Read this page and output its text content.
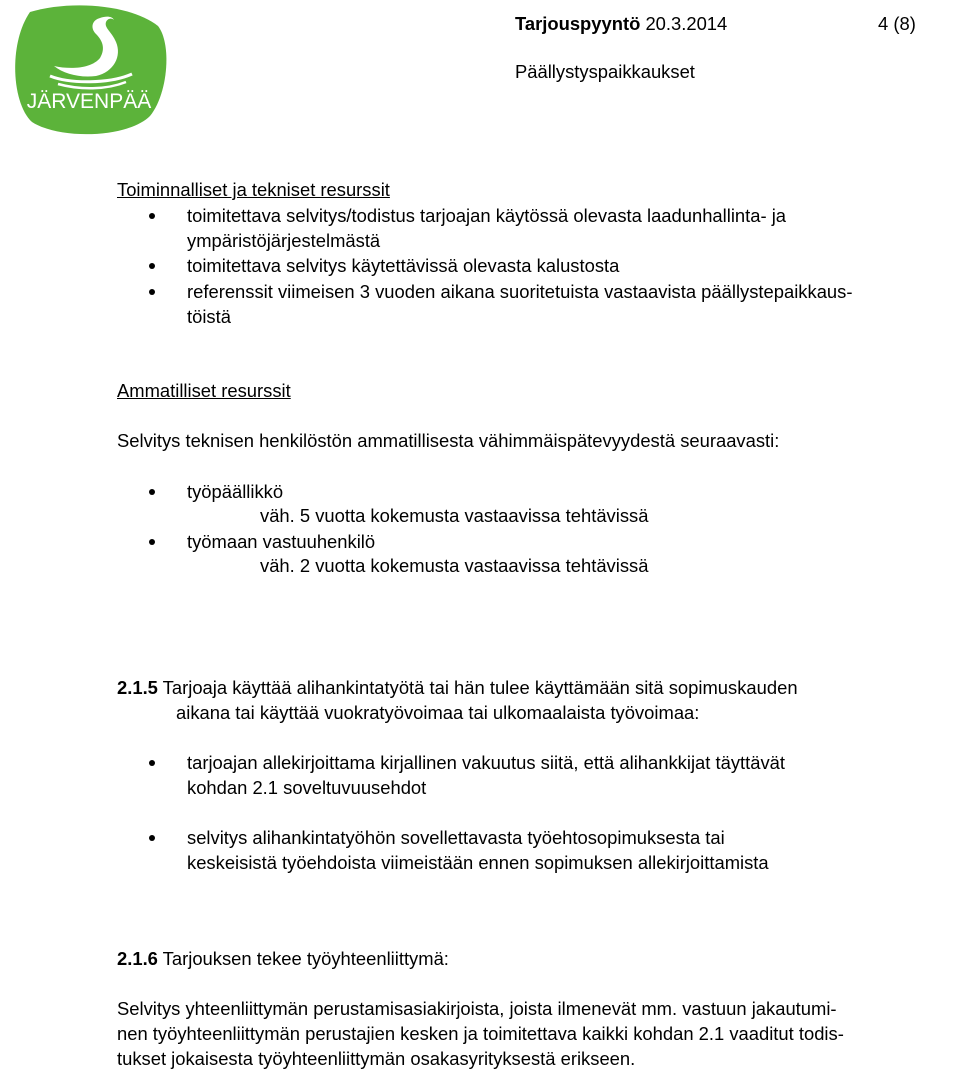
JÄRVENPÄÄ
Tarjouspyyntö 20.3.2014	4 (8)
Päällystyspaikkaukset
Toiminnalliset ja tekniset resurssit
toimitettava selvitys/todistus tarjoajan käytössä olevasta laadunhallinta- ja
ympäristöjärjestelmästä
toimitettava selvitys käytettävissä olevasta kalustosta
referenssit viimeisen 3 vuoden aikana suoritetuista vastaavista päällystepaikkaus-
töistä
Ammatilliset resurssit
Selvitys teknisen henkilöstön ammatillisesta vähimmäispätevyydestä seuraavasti:
työpäällikkö
väh. 5 vuotta kokemusta vastaavissa tehtävissä
työmaan vastuuhenkilö
väh. 2 vuotta kokemusta vastaavissa tehtävissä
2.1.5 Tarjoaja käyttää alihankintatyötä tai hän tulee käyttämään sitä sopimuskauden
aikana tai käyttää vuokratyövoimaa tai ulkomaalaista työvoimaa:
tarjoajan allekirjoittama kirjallinen vakuutus siitä, että alihankkijat täyttävät
kohdan 2.1 soveltuvuusehdot
selvitys alihankintatyöhön sovellettavasta työehtosopimuksesta tai
keskeisistä työehdoista viimeistään ennen sopimuksen allekirjoittamista
2.1.6 Tarjouksen tekee työyhteenliittymä:
Selvitys yhteenliittymän perustamisasiakirjoista, joista ilmenevät mm. vastuun jakautumi-
nen työyhteenliittymän perustajien kesken ja toimitettava kaikki kohdan 2.1 vaaditut todis-
tukset jokaisesta työyhteenliittymän osakasyrityksestä erikseen.
